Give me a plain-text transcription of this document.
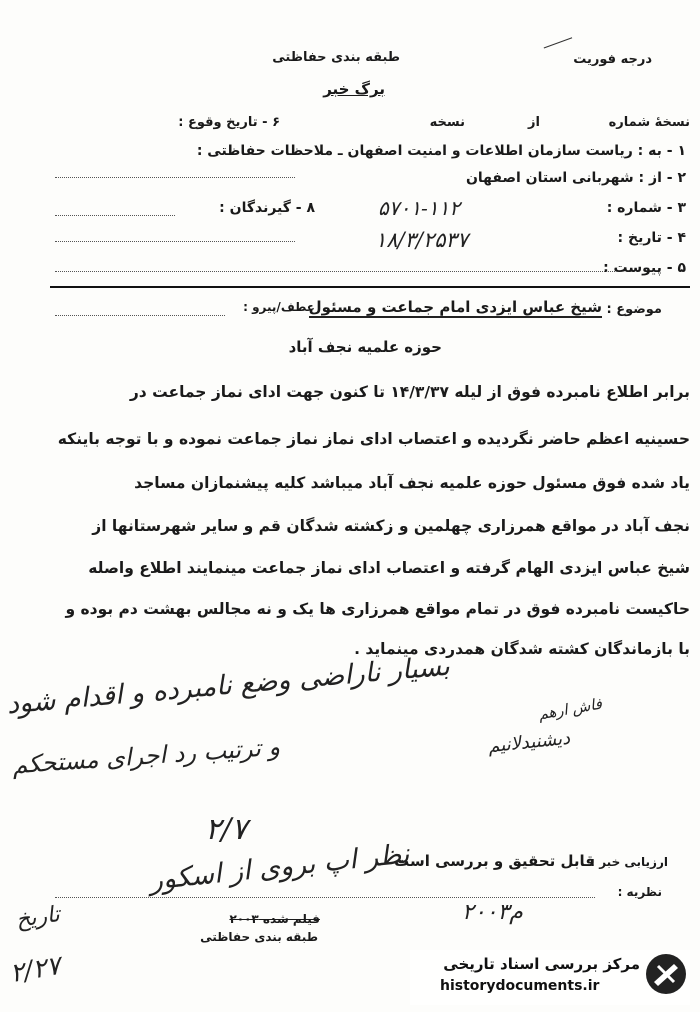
درجه فوریت
طبقه بندی حفاظتی
برگ خبر
نسخهٔ شماره
از
نسخه
۶ - تاریخ وقوع :
۱ - به : ریاست سازمان اطلاعات و امنیت اصفهان ـ ملاحظات حفاظتی :
۲ - از : شهربانی استان اصفهان
۳ - شماره :
۵۷۰۱-۱۱۲
۸ - گیرندگان :
۴ - تاریخ :
۱۸/۳/۲۵۳۷
۵ - پیوست :
موضوع :
شیخ عباس ایزدی امام جماعت و مسئول
عطف/پیرو :
حوزه علمیه نجف آباد
برابر اطلاع نامبرده فوق از لیله ۱۴/۳/۳۷ تا کنون جهت ادای نماز جماعت در
حسینیه اعظم حاضر نگردیده و اعتصاب ادای نماز نماز جماعت نموده و با توجه باینکه
یاد شده فوق مسئول حوزه علمیه نجف آباد میباشد کلیه پیشنمازان مساجد
نجف آباد در مواقع همرزاری چهلمین و زکشته شدگان قم و سایر شهرستانها از
شیخ عباس ایزدی الهام گرفته و اعتصاب ادای نماز جماعت مینمایند اطلاع واصله
حاکیست نامبرده فوق در تمام مواقع همرزاری ها یک و نه مجالس بهشت دم بوده و
با بازماندگان کشته شدگان همدردی مینماید .
بسیار ناراضی وضع نامبرده و اقدام شود
و ترتیب رد اجرای مستحکم	دیشنیدلانیم
فاش ارهم
۲/۷
ارزیابی خبر :
قابل تحقیق و بررسی است
نظر اپ بروی از اسکور	نظریه :
فیلم شده ۲۰۰۳
طبقه بندی حفاظتی
۲۰۰۳م
تاریخ
۲/۲۷	مرکز بررسی اسناد تاریخی
historydocuments.ir
